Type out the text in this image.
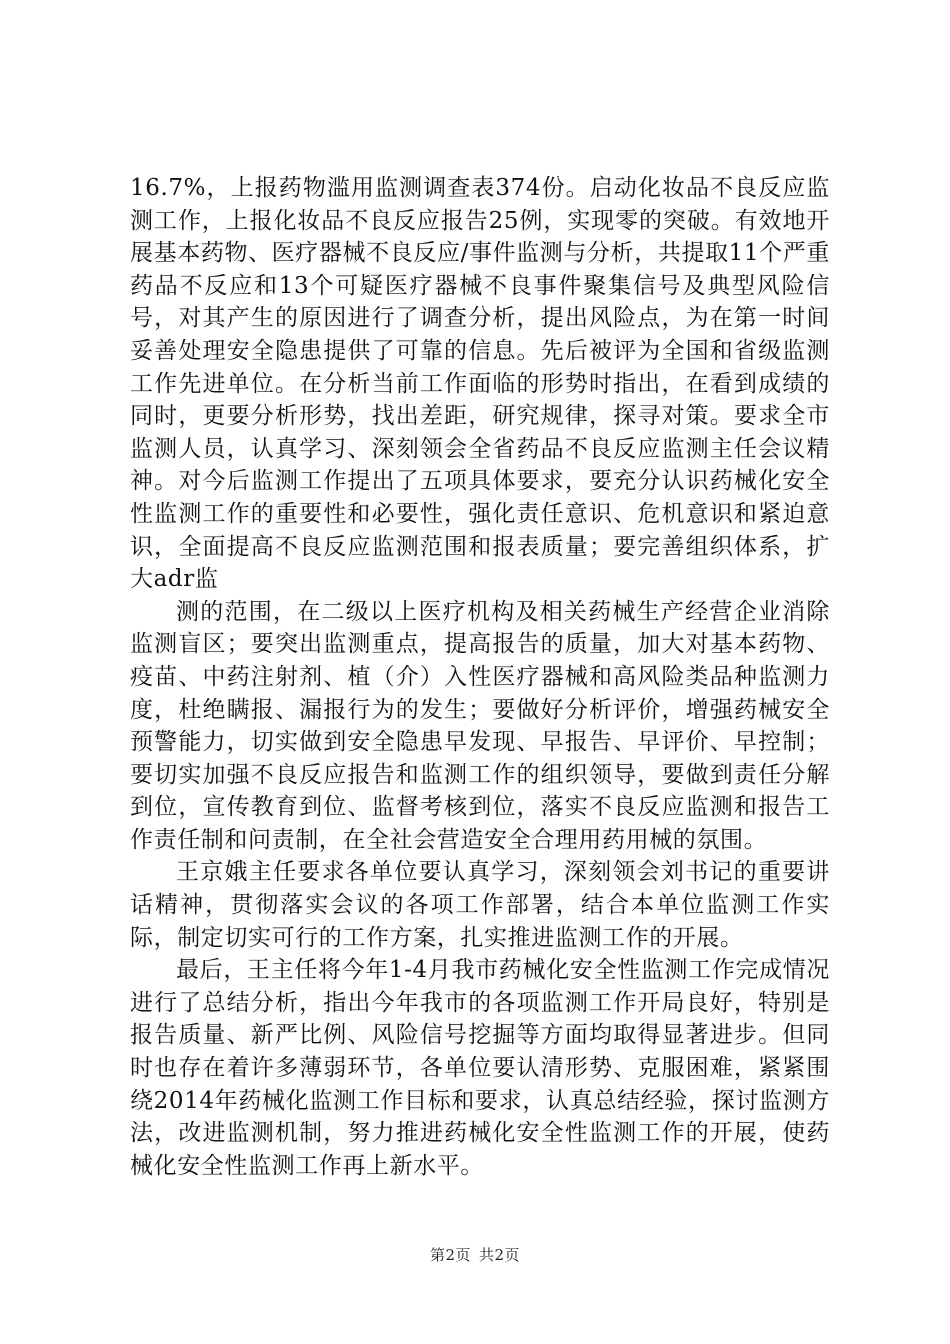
16.7%，上报药物滥用监测调查表374份。启动化妆品不良反应监测工作，上报化妆品不良反应报告25例，实现零的突破。有效地开展基本药物、医疗器械不良反应/事件监测与分析，共提取11个严重药品不反应和13个可疑医疗器械不良事件聚集信号及典型风险信号，对其产生的原因进行了调查分析，提出风险点，为在第一时间妥善处理安全隐患提供了可靠的信息。先后被评为全国和省级监测工作先进单位。在分析当前工作面临的形势时指出，在看到成绩的同时，更要分析形势，找出差距，研究规律，探寻对策。要求全市监测人员，认真学习、深刻领会全省药品不良反应监测主任会议精神。对今后监测工作提出了五项具体要求，要充分认识药械化安全性监测工作的重要性和必要性，强化责任意识、危机意识和紧迫意识，全面提高不良反应监测范围和报表质量；要完善组织体系，扩大adr监

测的范围，在二级以上医疗机构及相关药械生产经营企业消除监测盲区；要突出监测重点，提高报告的质量，加大对基本药物、疫苗、中药注射剂、植（介）入性医疗器械和高风险类品种监测力度，杜绝瞒报、漏报行为的发生；要做好分析评价，增强药械安全预警能力，切实做到安全隐患早发现、早报告、早评价、早控制；要切实加强不良反应报告和监测工作的组织领导，要做到责任分解到位，宣传教育到位、监督考核到位，落实不良反应监测和报告工作责任制和问责制，在全社会营造安全合理用药用械的氛围。

王京娥主任要求各单位要认真学习，深刻领会刘书记的重要讲话精神，贯彻落实会议的各项工作部署，结合本单位监测工作实际，制定切实可行的工作方案，扎实推进监测工作的开展。

最后，王主任将今年1-4月我市药械化安全性监测工作完成情况进行了总结分析，指出今年我市的各项监测工作开局良好，特别是报告质量、新严比例、风险信号挖掘等方面均取得显著进步。但同时也存在着许多薄弱环节，各单位要认清形势、克服困难，紧紧围绕2014年药械化监测工作目标和要求，认真总结经验，探讨监测方法，改进监测机制，努力推进药械化安全性监测工作的开展，使药械化安全性监测工作再上新水平。

第2页 共2页
